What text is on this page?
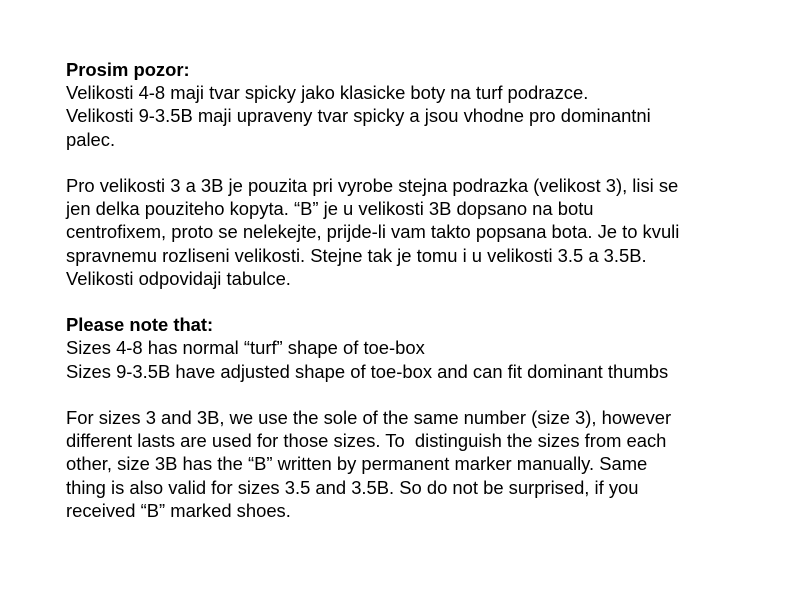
Prosim pozor:
Velikosti 4-8 maji tvar spicky jako klasicke boty na turf podrazce.
Velikosti 9-3.5B maji upraveny tvar spicky a jsou vhodne pro dominantni
palec.
Pro velikosti 3 a 3B je pouzita pri vyrobe stejna podrazka (velikost 3), lisi se
jen delka pouziteho kopyta. “B” je u velikosti 3B dopsano na botu
centrofixem, proto se nelekejte, prijde-li vam takto popsana bota. Je to kvuli
spravnemu rozliseni velikosti. Stejne tak je tomu i u velikosti 3.5 a 3.5B.
Velikosti odpovidaji tabulce.
Please note that:
Sizes 4-8 has normal “turf” shape of toe-box
Sizes 9-3.5B have adjusted shape of toe-box and can fit dominant thumbs
For sizes 3 and 3B, we use the sole of the same number (size 3), however
different lasts are used for those sizes. To  distinguish the sizes from each
other, size 3B has the “B” written by permanent marker manually. Same
thing is also valid for sizes 3.5 and 3.5B. So do not be surprised, if you
received “B” marked shoes.
